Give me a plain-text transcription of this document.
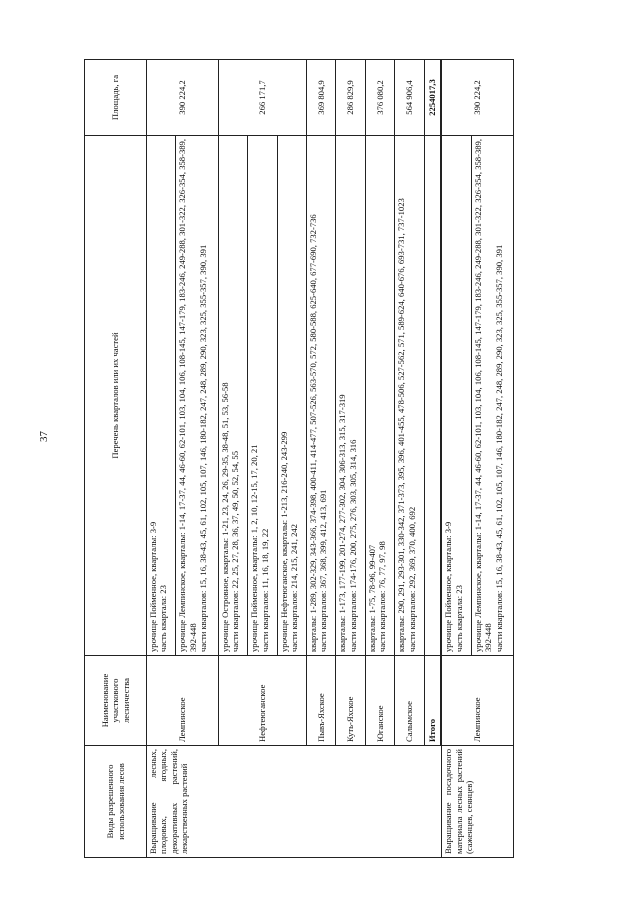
37
Виды разрешенного использования лесов	Наименование участкового лесничества	Перечень кварталов или их частей	Площадь, га
Выращивание лесных, плодовых, ягодных, декоративных растений, лекарственных растений	Лемпинское	урочище Пойменное, кварталы: 3-9 часть квартала: 23	390 224,2

		урочище Лемпинское, кварталы: 1-14, 17-37, 44, 46-60, 62-101, 103, 104, 106, 108-145, 147-179, 183-246, 249-288, 301-322, 326-354, 358-389, 392-448 части кварталов: 15, 16, 38-43, 45, 61, 102, 105, 107, 146, 180-182, 247, 248, 289, 290, 323, 325, 355-357, 390, 391	

	Нефтеюганское	урочище Островное, кварталы: 1-21, 23, 24, 26, 29-35, 38-48, 51, 53, 56-58 части кварталов: 22, 25, 27, 28, 36, 37, 49, 50, 52, 54, 55	266 171,7

		урочище Пойменное, кварталы: 1, 2, 10, 12-15, 17, 20, 21 части кварталов: 11, 16, 18, 19, 22	

		урочище Нефтеюганское, кварталы: 1-213, 216-240, 243-299 части кварталов: 214, 215, 241, 242	

	Пывъ-Яхское	кварталы: 1-289, 302-329, 343-366, 374-398, 400-411, 414-477, 507-526, 563-570, 572, 580-588, 625-640, 677-690, 732-736 части кварталов: 367, 368, 399, 412, 413, 691	369 804,9
	Куть-Яхское	кварталы: 1-173, 177-199, 201-274, 277-302, 304, 306-313, 315, 317-319 части кварталов: 174-176, 200, 275, 276, 303, 305, 314, 316	286 829,9
	Юганское	кварталы: 1-75, 78-96, 99-407 части кварталов: 76, 77, 97, 98	376 080,2
	Салымское	кварталы: 290, 291, 293-301, 330-342, 371-373, 395, 396, 401-455, 478-506, 527-562, 571, 589-624, 640-676, 693-731, 737-1023 части кварталов: 292, 369, 370, 400, 692	564 906,4
	Итого		2254017,3

Выращивание посадочного материала лесных растений (саженцев, сеянцев)	Лемпинское	урочище Пойменное, кварталы: 3-9 часть квартала: 23	390 224,2

		урочище Лемпинское, кварталы: 1-14, 17-37, 44, 46-60, 62-101, 103, 104, 106, 108-145, 147-179, 183-246, 249-288, 301-322, 326-354, 358-389, 392-448 части кварталов: 15, 16, 38-43, 45, 61, 102, 105, 107, 146, 180-182, 247, 248, 289, 290, 323, 325, 355-357, 390, 391	
